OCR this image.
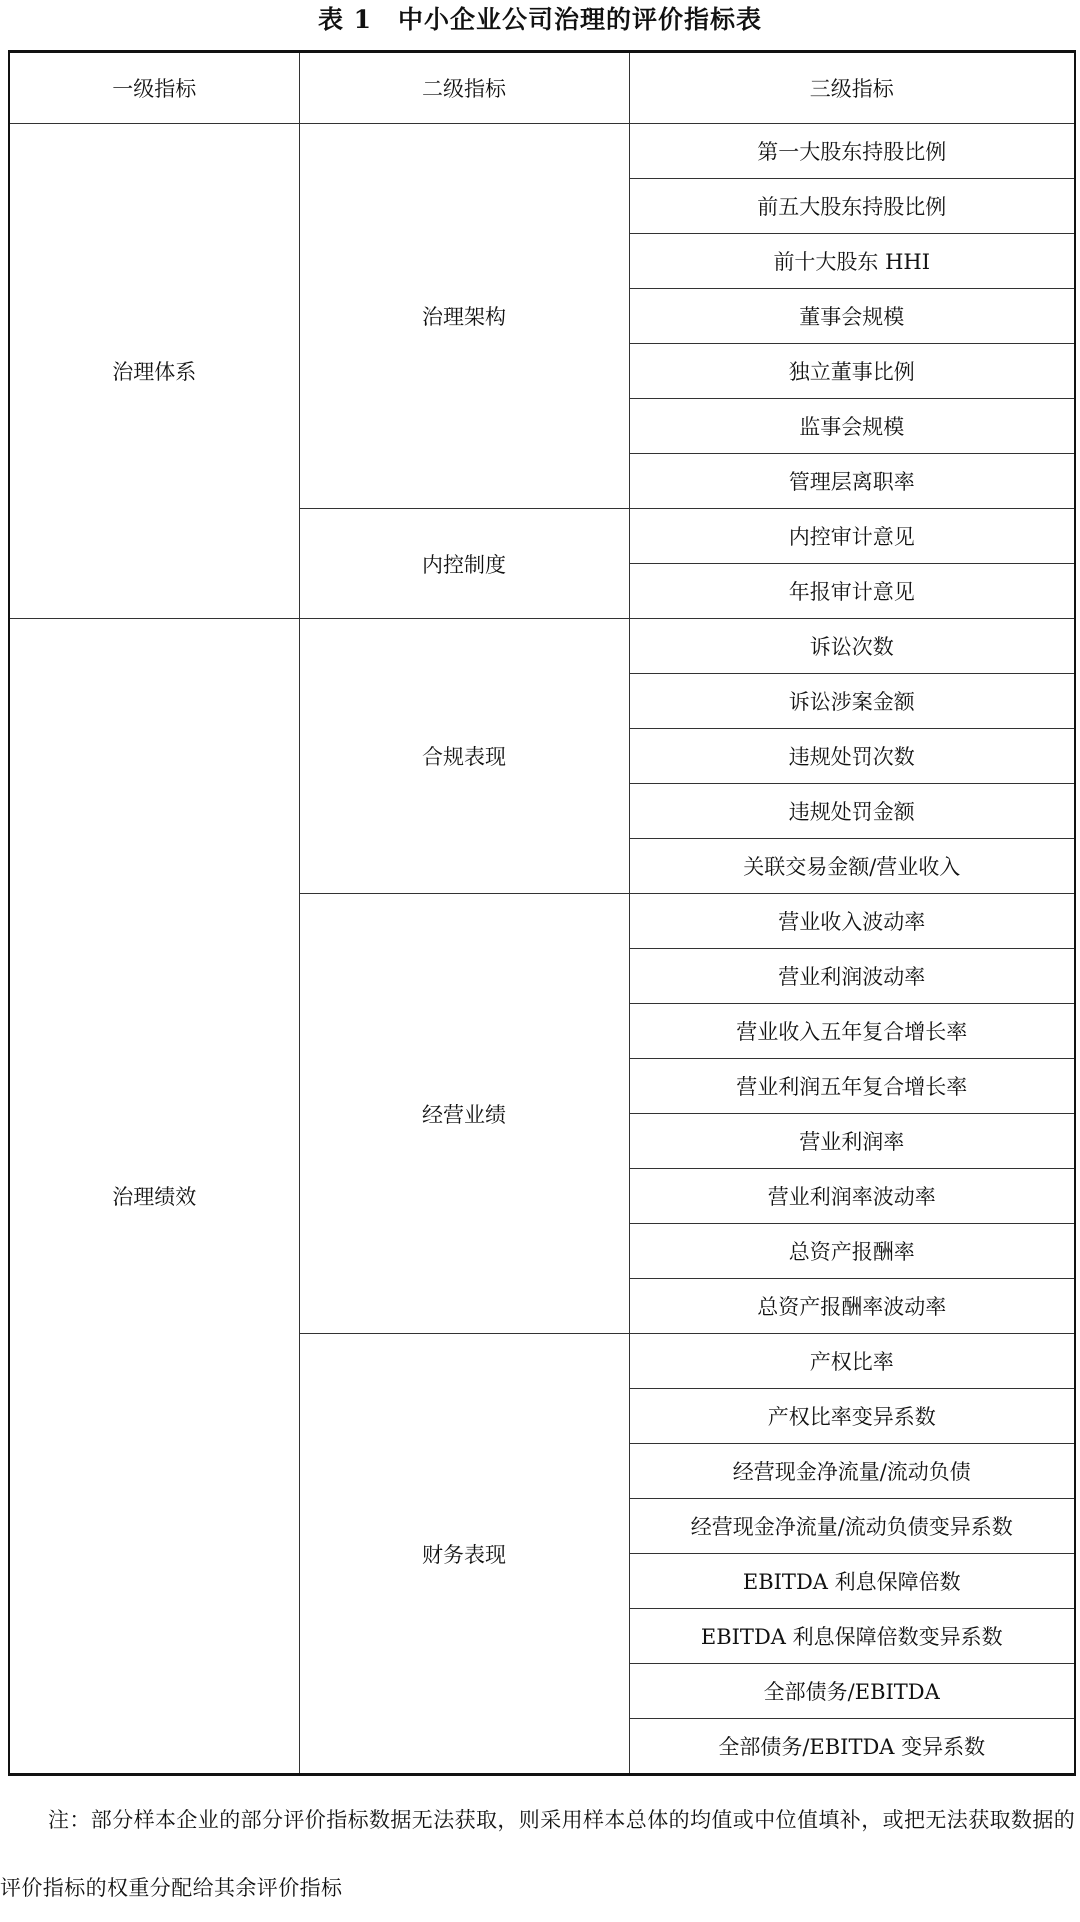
表 1 中小企业公司治理的评价指标表
一级指标	二级指标	三级指标
治理体系	治理架构	第一大股东持股比例
		前五大股东持股比例
		前十大股东 HHI
		董事会规模
		独立董事比例
		监事会规模
		管理层离职率
	内控制度	内控审计意见
		年报审计意见
治理绩效	合规表现	诉讼次数
		诉讼涉案金额
		违规处罚次数
		违规处罚金额
		关联交易金额/营业收入
	经营业绩	营业收入波动率
		营业利润波动率
		营业收入五年复合增长率
		营业利润五年复合增长率
		营业利润率
		营业利润率波动率
		总资产报酬率
		总资产报酬率波动率
	财务表现	产权比率
		产权比率变异系数
		经营现金净流量/流动负债
		经营现金净流量/流动负债变异系数
		EBITDA 利息保障倍数
		EBITDA 利息保障倍数变异系数
		全部债务/EBITDA
		全部债务/EBITDA 变异系数
注：部分样本企业的部分评价指标数据无法获取，则采用样本总体的均值或中位值填补，或把无法获取数据的评价指标的权重分配给其余评价指标
